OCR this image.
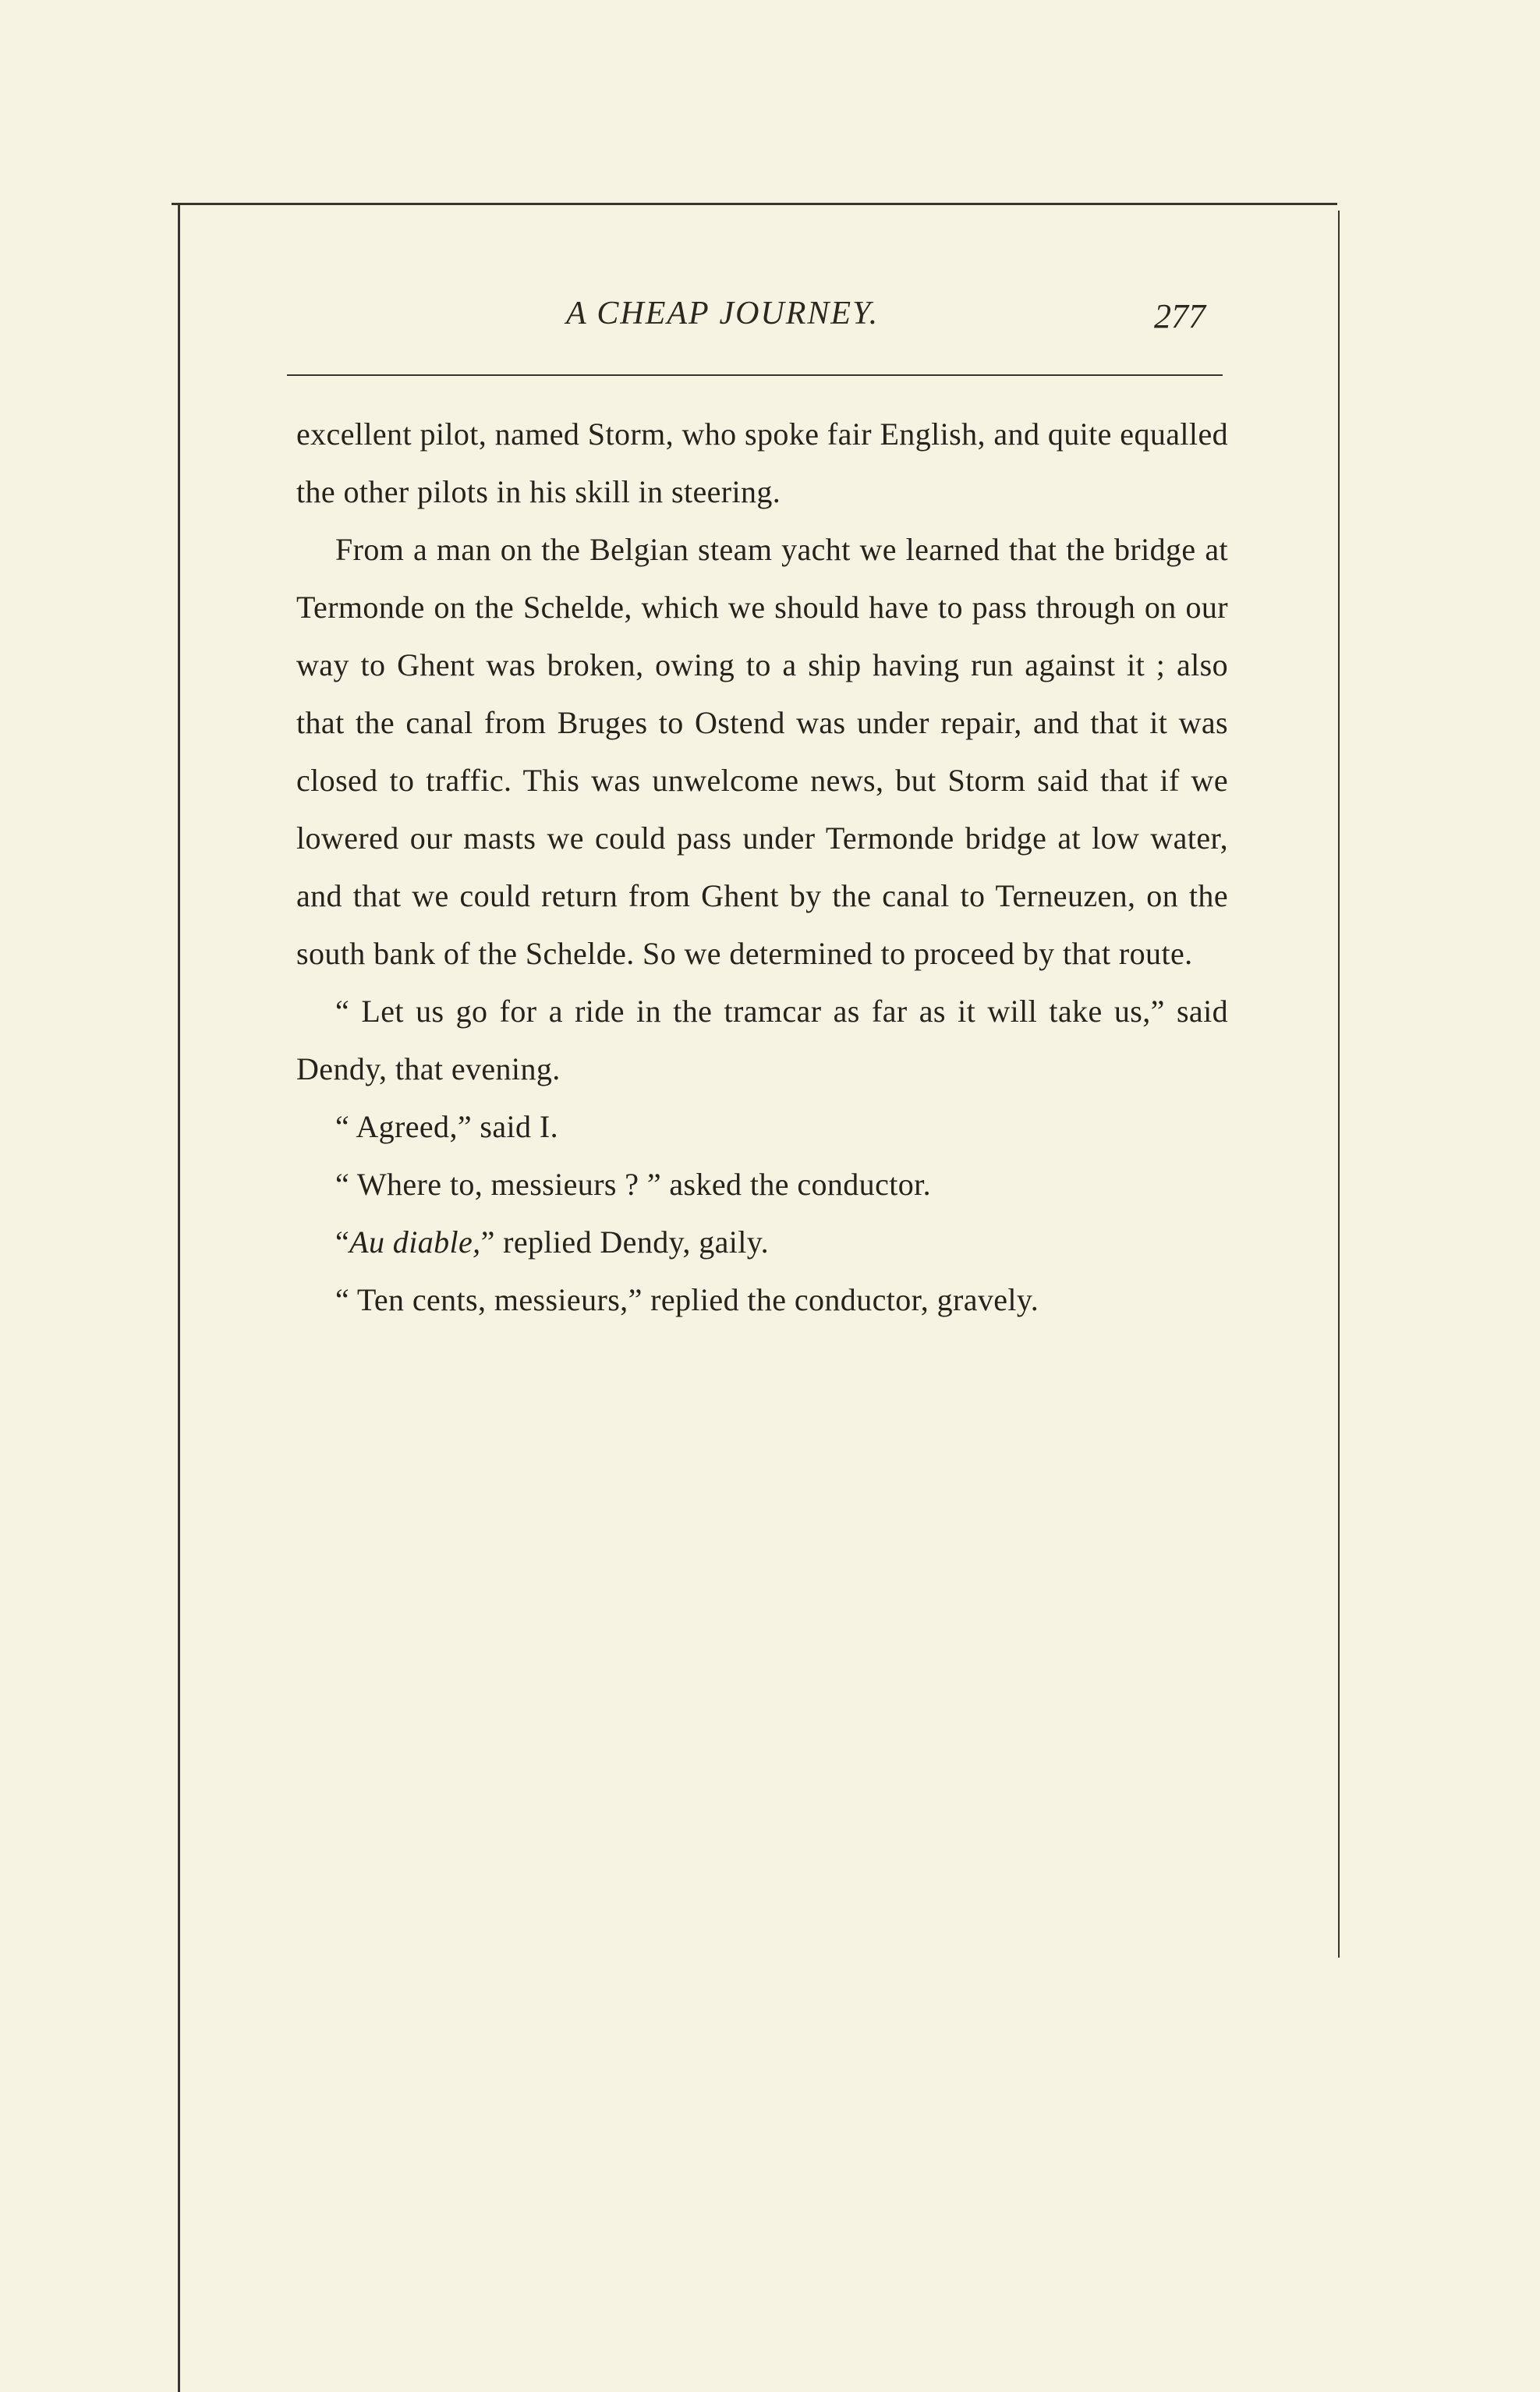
A CHEAP JOURNEY.	277

excellent pilot, named Storm, who spoke fair English, and quite equalled the other pilots in his skill in steering.

From a man on the Belgian steam yacht we learned that the bridge at Termonde on the Schelde, which we should have to pass through on our way to Ghent was broken, owing to a ship having run against it ; also that the canal from Bruges to Ostend was under repair, and that it was closed to traffic. This was unwelcome news, but Storm said that if we lowered our masts we could pass under Termonde bridge at low water, and that we could return from Ghent by the canal to Terneuzen, on the south bank of the Schelde. So we determined to proceed by that route.

“ Let us go for a ride in the tramcar as far as it will take us,” said Dendy, that evening.

“ Agreed,” said I.

“ Where to, messieurs ? ” asked the conductor.

“Au diable,” replied Dendy, gaily.

“ Ten cents, messieurs,” replied the conductor, gravely.
